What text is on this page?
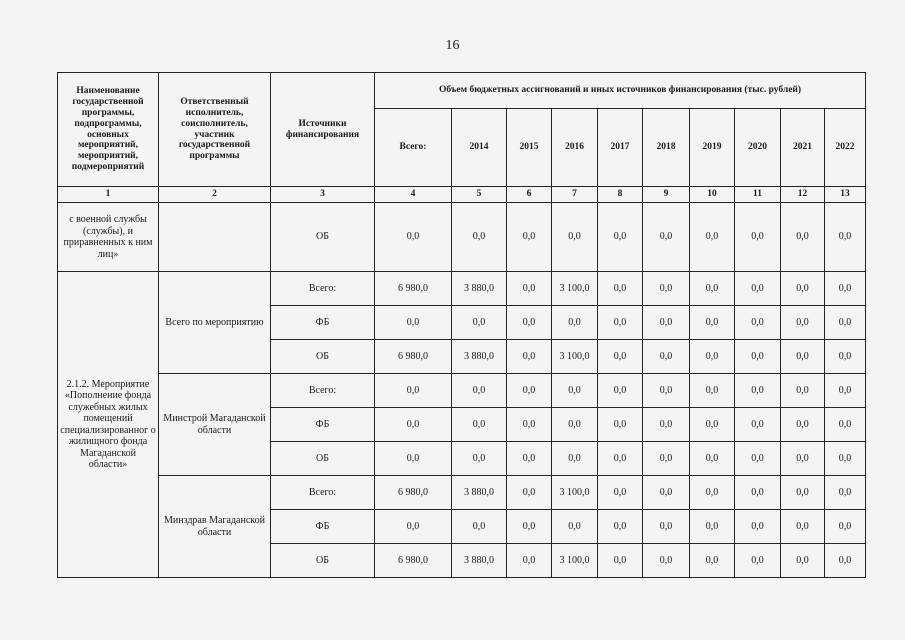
16
Наименование государственной программы, подпрограммы, основных мероприятий, мероприятий, подмероприятий	Ответственный исполнитель, соисполнитель, участник государственной программы	Источники финансирования	Объем бюджетных ассигнований и иных источников финансирования (тыс. рублей)									
			Всего:	2014	2015	2016	2017	2018	2019	2020	2021	2022
1	2	3	4	5	6	7	8	9	10	11	12	13
с военной службы (службы), и приравненных к ним лиц»		ОБ	0,0	0,0	0,0	0,0	0,0	0,0	0,0	0,0	0,0	0,0
2.1.2. Мероприятие «Пополнение фонда служебных жилых помещений специализированног о жилищного фонда Магаданской области»	Всего по мероприятию	Всего:	6 980,0	3 880,0	0,0	3 100,0	0,0	0,0	0,0	0,0	0,0	0,0
		ФБ	0,0	0,0	0,0	0,0	0,0	0,0	0,0	0,0	0,0	0,0
		ОБ	6 980,0	3 880,0	0,0	3 100,0	0,0	0,0	0,0	0,0	0,0	0,0
	Минстрой Магаданской области	Всего:	0,0	0,0	0,0	0,0	0,0	0,0	0,0	0,0	0,0	0,0
		ФБ	0,0	0,0	0,0	0,0	0,0	0,0	0,0	0,0	0,0	0,0
		ОБ	0,0	0,0	0,0	0,0	0,0	0,0	0,0	0,0	0,0	0,0
	Минздрав Магаданской области	Всего:	6 980,0	3 880,0	0,0	3 100,0	0,0	0,0	0,0	0,0	0,0	0,0
		ФБ	0,0	0,0	0,0	0,0	0,0	0,0	0,0	0,0	0,0	0,0
		ОБ	6 980,0	3 880,0	0,0	3 100,0	0,0	0,0	0,0	0,0	0,0	0,0
